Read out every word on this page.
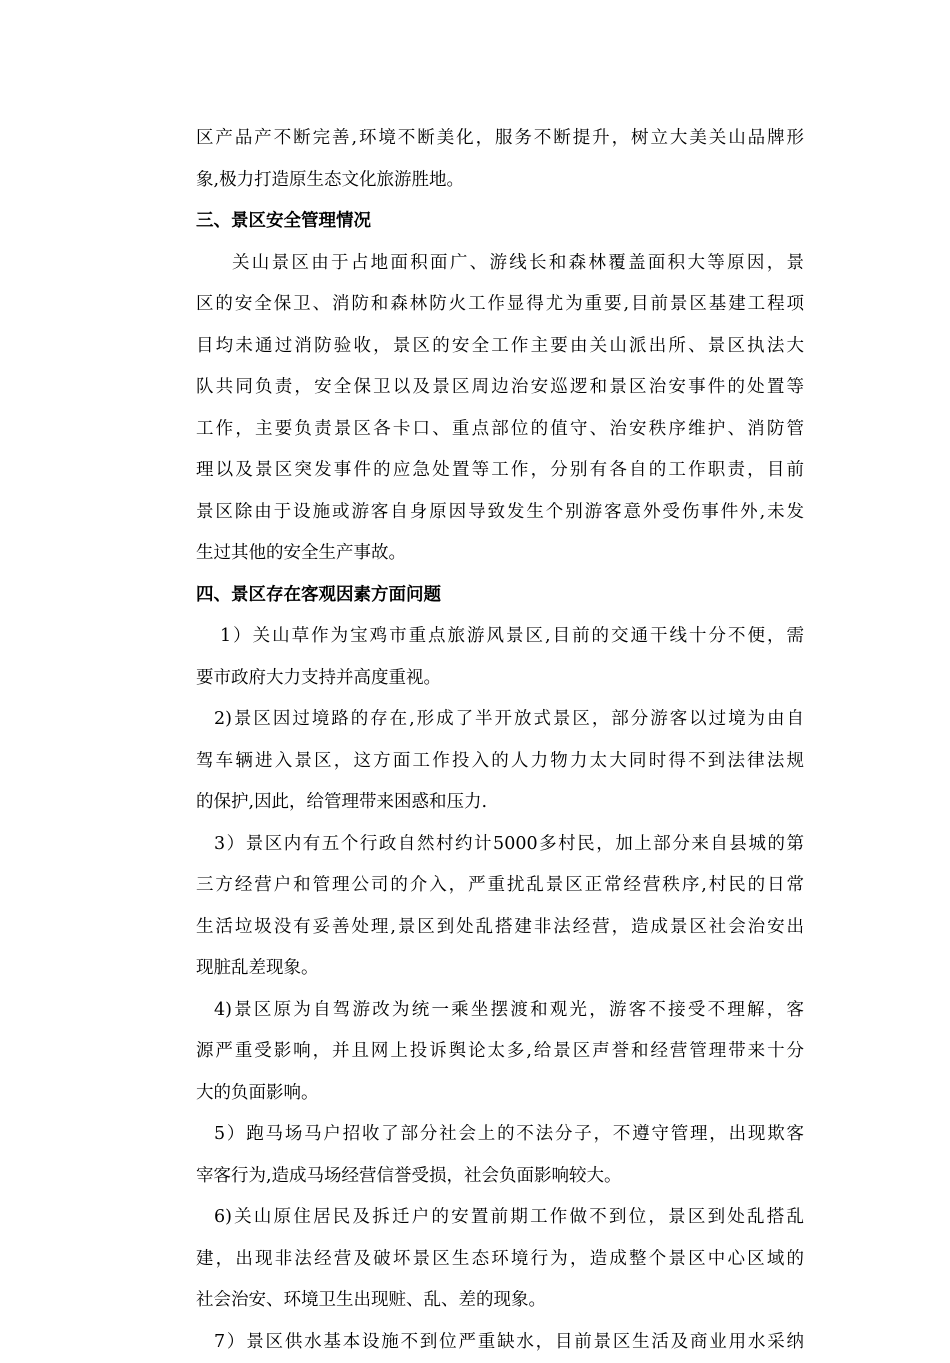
区产品产不断完善,环境不断美化，服务不断提升，树立大美关山品牌形
象,极力打造原生态文化旅游胜地。
三、景区安全管理情况
关山景区由于占地面积面广、游线长和森林覆盖面积大等原因，景
区的安全保卫、消防和森林防火工作显得尤为重要,目前景区基建工程项
目均未通过消防验收，景区的安全工作主要由关山派出所、景区执法大
队共同负责，安全保卫以及景区周边治安巡逻和景区治安事件的处置等
工作，主要负责景区各卡口、重点部位的值守、治安秩序维护、消防管
理以及景区突发事件的应急处置等工作，分别有各自的工作职责，目前
景区除由于设施或游客自身原因导致发生个别游客意外受伤事件外,未发
生过其他的安全生产事故。
四、景区存在客观因素方面问题
1）关山草作为宝鸡市重点旅游风景区,目前的交通干线十分不便，需
要市政府大力支持并高度重视。
2)景区因过境路的存在,形成了半开放式景区，部分游客以过境为由自
驾车辆进入景区，这方面工作投入的人力物力太大同时得不到法律法规
的保护,因此，给管理带来困惑和压力.
3）景区内有五个行政自然村约计5000多村民，加上部分来自县城的第
三方经营户和管理公司的介入，严重扰乱景区正常经营秩序,村民的日常
生活垃圾没有妥善处理,景区到处乱搭建非法经营，造成景区社会治安出
现脏乱差现象。
4)景区原为自驾游改为统一乘坐摆渡和观光，游客不接受不理解，客
源严重受影响，并且网上投诉舆论太多,给景区声誉和经营管理带来十分
大的负面影响。
5）跑马场马户招收了部分社会上的不法分子，不遵守管理，出现欺客
宰客行为,造成马场经营信誉受损，社会负面影响较大。
6)关山原住居民及拆迁户的安置前期工作做不到位，景区到处乱搭乱
建，出现非法经营及破坏景区生态环境行为，造成整个景区中心区域的
社会治安、环境卫生出现赃、乱、差的现象。
7）景区供水基本设施不到位严重缺水，目前景区生活及商业用水采纳
